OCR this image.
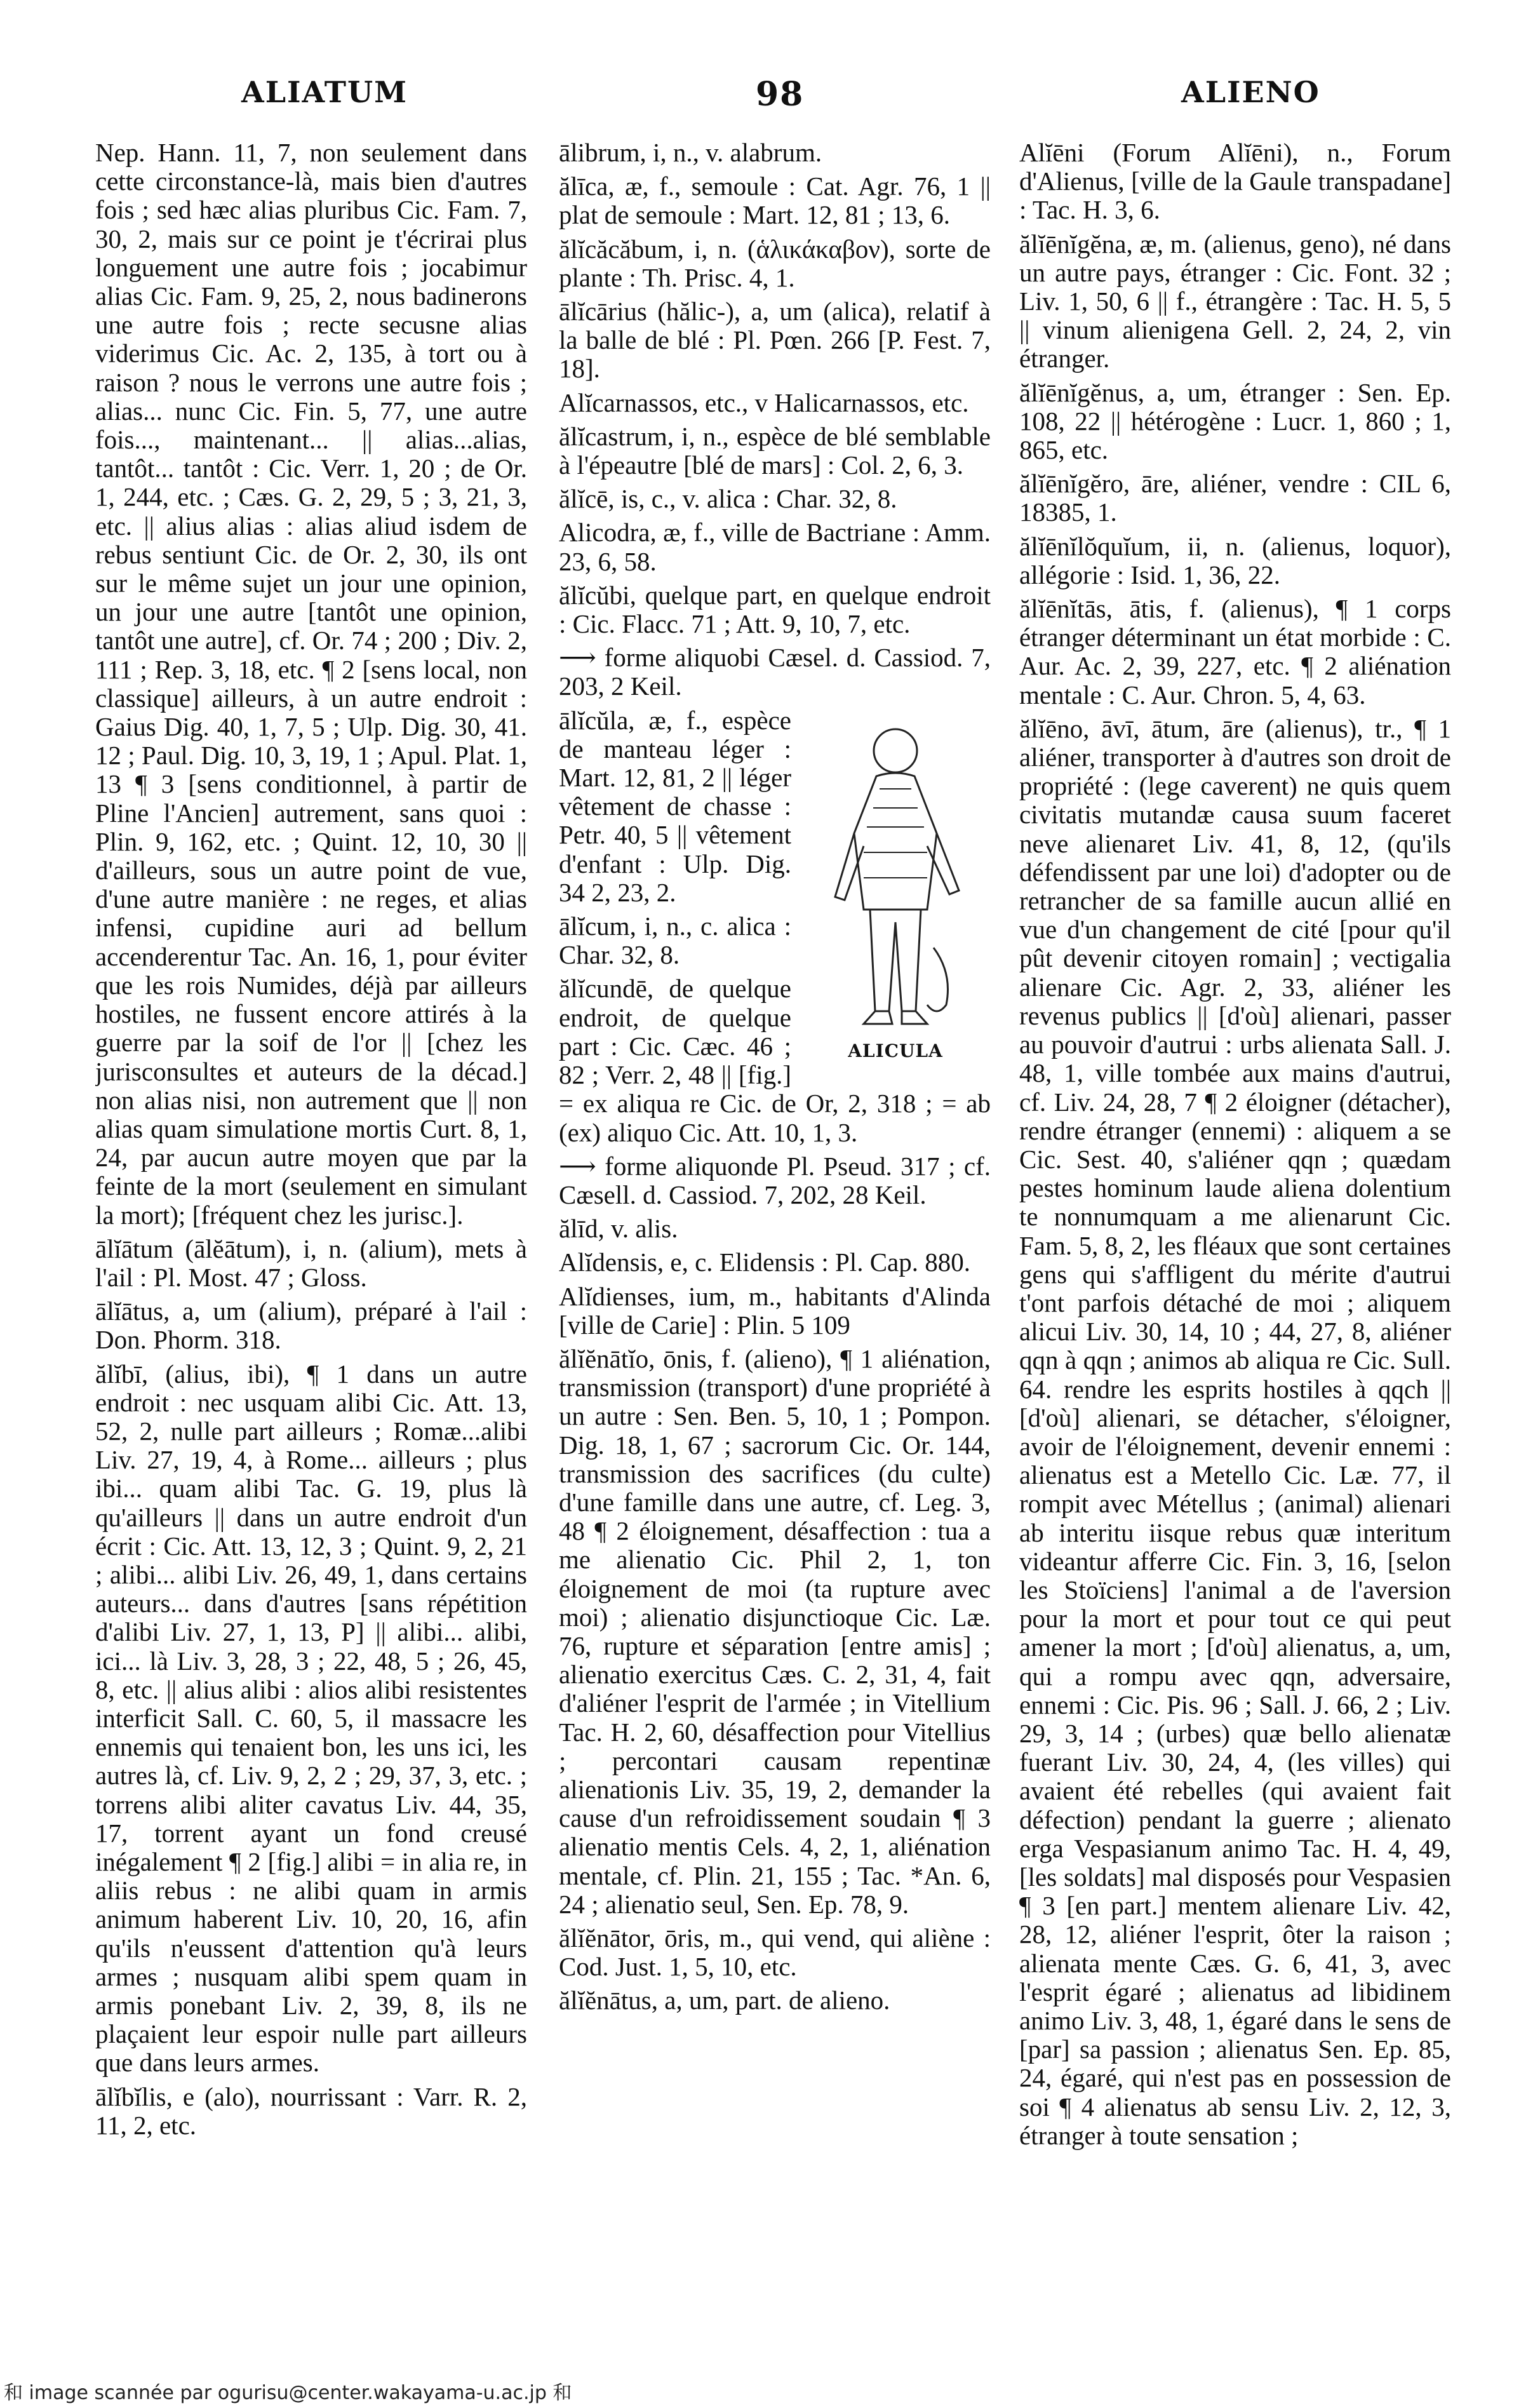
ALIATUM	98	ALIENO

Nep. Hann. 11, 7, non seulement dans cette circonstance-là, mais bien d'autres fois ; sed hæc alias pluribus Cic. Fam. 7, 30, 2, mais sur ce point je t'écrirai plus longuement une autre fois ; jocabimur alias Cic. Fam. 9, 25, 2, nous badinerons une autre fois ; recte secusne alias viderimus Cic. Ac. 2, 135, à tort ou à raison ? nous le verrons une autre fois ; alias... nunc Cic. Fin. 5, 77, une autre fois..., maintenant... || alias...alias, tantôt... tantôt : Cic. Verr. 1, 20 ; de Or. 1, 244, etc. ; Cæs. G. 2, 29, 5 ; 3, 21, 3, etc. || alius alias : alias aliud isdem de rebus sentiunt Cic. de Or. 2, 30, ils ont sur le même sujet un jour une opinion, un jour une autre [tantôt une opinion, tantôt une autre], cf. Or. 74 ; 200 ; Div. 2, 111 ; Rep. 3, 18, etc. ¶ 2 [sens local, non classique] ailleurs, à un autre endroit : Gaius Dig. 40, 1, 7, 5 ; Ulp. Dig. 30, 41. 12 ; Paul. Dig. 10, 3, 19, 1 ; Apul. Plat. 1, 13 ¶ 3 [sens conditionnel, à partir de Pline l'Ancien] autrement, sans quoi : Plin. 9, 162, etc. ; Quint. 12, 10, 30 || d'ailleurs, sous un autre point de vue, d'une autre manière : ne reges, et alias infensi, cupidine auri ad bellum accenderentur Tac. An. 16, 1, pour éviter que les rois Numides, déjà par ailleurs hostiles, ne fussent encore attirés à la guerre par la soif de l'or || [chez les jurisconsultes et auteurs de la décad.] non alias nisi, non autrement que || non alias quam simulatione mortis Curt. 8, 1, 24, par aucun autre moyen que par la feinte de la mort (seulement en simulant la mort); [fréquent chez les jurisc.].

ālĭātum (ālĕātum), i, n. (alium), mets à l'ail : Pl. Most. 47 ; Gloss.

ālĭātus, a, um (alium), préparé à l'ail : Don. Phorm. 318.

ălĭbī, (alius, ibi), ¶ 1 dans un autre endroit : nec usquam alibi Cic. Att. 13, 52, 2, nulle part ailleurs ; Romæ...alibi Liv. 27, 19, 4, à Rome... ailleurs ; plus ibi... quam alibi Tac. G. 19, plus là qu'ailleurs || dans un autre endroit d'un écrit : Cic. Att. 13, 12, 3 ; Quint. 9, 2, 21 ; alibi... alibi Liv. 26, 49, 1, dans certains auteurs... dans d'autres [sans répétition d'alibi Liv. 27, 1, 13, P] || alibi... alibi, ici... là Liv. 3, 28, 3 ; 22, 48, 5 ; 26, 45, 8, etc. || alius alibi : alios alibi resistentes interficit Sall. C. 60, 5, il massacre les ennemis qui tenaient bon, les uns ici, les autres là, cf. Liv. 9, 2, 2 ; 29, 37, 3, etc. ; torrens alibi aliter cavatus Liv. 44, 35, 17, torrent ayant un fond creusé inégalement ¶ 2 [fig.] alibi = in alia re, in aliis rebus : ne alibi quam in armis animum haberent Liv. 10, 20, 16, afin qu'ils n'eussent d'attention qu'à leurs armes ; nusquam alibi spem quam in armis ponebant Liv. 2, 39, 8, ils ne plaçaient leur espoir nulle part ailleurs que dans leurs armes.

ālĭbĭlis, e (alo), nourrissant : Varr. R. 2, 11, 2, etc.

ālibrum, i, n., v. alabrum.

ălīca, æ, f., semoule : Cat. Agr. 76, 1 || plat de semoule : Mart. 12, 81 ; 13, 6.

ălĭcăcăbum, i, n. (ἁλικάκαβον), sorte de plante : Th. Prisc. 4, 1.

ālĭcārius (hălic-), a, um (alica), relatif à la balle de blé : Pl. Pœn. 266 [P. Fest. 7, 18].

Alĭcarnassos, etc., v Halicarnassos, etc.

ălĭcastrum, i, n., espèce de blé semblable à l'épeautre [blé de mars] : Col. 2, 6, 3.

ălĭcē, is, c., v. alica : Char. 32, 8.

Alicodra, æ, f., ville de Bactriane : Amm. 23, 6, 58.

ălĭcŭbi, quelque part, en quelque endroit : Cic. Flacc. 71 ; Att. 9, 10, 7, etc.

⟶ forme aliquobi Cæsel. d. Cassiod. 7, 203, 2 Keil.

ALICULA

ālĭcŭla, æ, f., espèce de manteau léger : Mart. 12, 81, 2 || léger vêtement de chasse : Petr. 40, 5 || vêtement d'enfant : Ulp. Dig. 34 2, 23, 2.

ālĭcum, i, n., c. alica : Char. 32, 8.

ălĭcundē, de quelque endroit, de quelque part : Cic. Cæc. 46 ; 82 ; Verr. 2, 48 || [fig.] = ex aliqua re Cic. de Or, 2, 318 ; = ab (ex) aliquo Cic. Att. 10, 1, 3.

⟶ forme aliquonde Pl. Pseud. 317 ; cf. Cæsell. d. Cassiod. 7, 202, 28 Keil.

ălīd, v. alis.

Alĭdensis, e, c. Elidensis : Pl. Cap. 880.

Alĭdienses, ium, m., habitants d'Alinda [ville de Carie] : Plin. 5 109

ălĭĕnātĭo, ōnis, f. (alieno), ¶ 1 aliénation, transmission (transport) d'une propriété à un autre : Sen. Ben. 5, 10, 1 ; Pompon. Dig. 18, 1, 67 ; sacrorum Cic. Or. 144, transmission des sacrifices (du culte) d'une famille dans une autre, cf. Leg. 3, 48 ¶ 2 éloignement, désaffection : tua a me alienatio Cic. Phil 2, 1, ton éloignement de moi (ta rupture avec moi) ; alienatio disjunctioque Cic. Læ. 76, rupture et séparation [entre amis] ; alienatio exercitus Cæs. C. 2, 31, 4, fait d'aliéner l'esprit de l'armée ; in Vitellium Tac. H. 2, 60, désaffection pour Vitellius ; percontari causam repentinæ alienationis Liv. 35, 19, 2, demander la cause d'un refroidissement soudain ¶ 3 alienatio mentis Cels. 4, 2, 1, aliénation mentale, cf. Plin. 21, 155 ; Tac. *An. 6, 24 ; alienatio seul, Sen. Ep. 78, 9.

ălĭĕnātor, ōris, m., qui vend, qui aliène : Cod. Just. 1, 5, 10, etc.

ălĭĕnātus, a, um, part. de alieno.

Alĭēni (Forum Alĭēni), n., Forum d'Alienus, [ville de la Gaule transpadane] : Tac. H. 3, 6.

ălĭēnĭgĕna, æ, m. (alienus, geno), né dans un autre pays, étranger : Cic. Font. 32 ; Liv. 1, 50, 6 || f., étrangère : Tac. H. 5, 5 || vinum alienigena Gell. 2, 24, 2, vin étranger.

ălĭēnĭgĕnus, a, um, étranger : Sen. Ep. 108, 22 || hétérogène : Lucr. 1, 860 ; 1, 865, etc.

ălĭēnĭgĕro, āre, aliéner, vendre : CIL 6, 18385, 1.

ălĭēnĭlŏquĭum, ii, n. (alienus, loquor), allégorie : Isid. 1, 36, 22.

ălĭēnĭtās, ātis, f. (alienus), ¶ 1 corps étranger déterminant un état morbide : C. Aur. Ac. 2, 39, 227, etc. ¶ 2 aliénation mentale : C. Aur. Chron. 5, 4, 63.

ălĭēno, āvī, ātum, āre (alienus), tr., ¶ 1 aliéner, transporter à d'autres son droit de propriété : (lege caverent) ne quis quem civitatis mutandæ causa suum faceret neve alienaret Liv. 41, 8, 12, (qu'ils défendissent par une loi) d'adopter ou de retrancher de sa famille aucun allié en vue d'un changement de cité [pour qu'il pût devenir citoyen romain] ; vectigalia alienare Cic. Agr. 2, 33, aliéner les revenus publics || [d'où] alienari, passer au pouvoir d'autrui : urbs alienata Sall. J. 48, 1, ville tombée aux mains d'autrui, cf. Liv. 24, 28, 7 ¶ 2 éloigner (détacher), rendre étranger (ennemi) : aliquem a se Cic. Sest. 40, s'aliéner qqn ; quædam pestes hominum laude aliena dolentium te nonnumquam a me alienarunt Cic. Fam. 5, 8, 2, les fléaux que sont certaines gens qui s'affligent du mérite d'autrui t'ont parfois détaché de moi ; aliquem alicui Liv. 30, 14, 10 ; 44, 27, 8, aliéner qqn à qqn ; animos ab aliqua re Cic. Sull. 64. rendre les esprits hostiles à qqch || [d'où] alienari, se détacher, s'éloigner, avoir de l'éloignement, devenir ennemi : alienatus est a Metello Cic. Læ. 77, il rompit avec Métellus ; (animal) alienari ab interitu iisque rebus quæ interitum videantur afferre Cic. Fin. 3, 16, [selon les Stoïciens] l'animal a de l'aversion pour la mort et pour tout ce qui peut amener la mort ; [d'où] alienatus, a, um, qui a rompu avec qqn, adversaire, ennemi : Cic. Pis. 96 ; Sall. J. 66, 2 ; Liv. 29, 3, 14 ; (urbes) quæ bello alienatæ fuerant Liv. 30, 24, 4, (les villes) qui avaient été rebelles (qui avaient fait défection) pendant la guerre ; alienato erga Vespasianum animo Tac. H. 4, 49, [les soldats] mal disposés pour Vespasien ¶ 3 [en part.] mentem alienare Liv. 42, 28, 12, aliéner l'esprit, ôter la raison ; alienata mente Cæs. G. 6, 41, 3, avec l'esprit égaré ; alienatus ad libidinem animo Liv. 3, 48, 1, égaré dans le sens de [par] sa passion ; alienatus Sen. Ep. 85, 24, égaré, qui n'est pas en possession de soi ¶ 4 alienatus ab sensu Liv. 2, 12, 3, étranger à toute sensation ;

和 image scannée par ogurisu@center.wakayama-u.ac.jp 和
